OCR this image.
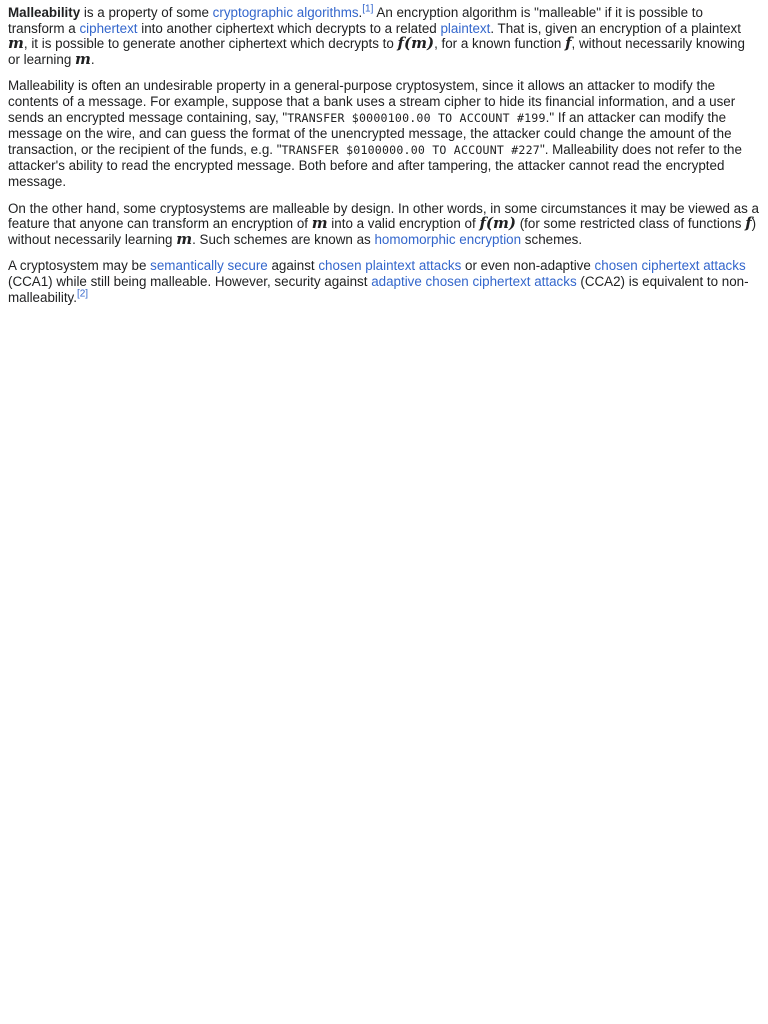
Malleability is a property of some cryptographic algorithms.[1] An encryption algorithm is "malleable" if it is possible to transform a ciphertext into another ciphertext which decrypts to a related plaintext. That is, given an encryption of a plaintext m, it is possible to generate another ciphertext which decrypts to f(m), for a known function f, without necessarily knowing or learning m.

Malleability is often an undesirable property in a general-purpose cryptosystem, since it allows an attacker to modify the contents of a message. For example, suppose that a bank uses a stream cipher to hide its financial information, and a user sends an encrypted message containing, say, "TRANSFER $0000100.00 TO ACCOUNT #199." If an attacker can modify the message on the wire, and can guess the format of the unencrypted message, the attacker could change the amount of the transaction, or the recipient of the funds, e.g. "TRANSFER $0100000.00 TO ACCOUNT #227". Malleability does not refer to the attacker's ability to read the encrypted message. Both before and after tampering, the attacker cannot read the encrypted message.

On the other hand, some cryptosystems are malleable by design. In other words, in some circumstances it may be viewed as a feature that anyone can transform an encryption of m into a valid encryption of f(m) (for some restricted class of functions f) without necessarily learning m. Such schemes are known as homomorphic encryption schemes.

A cryptosystem may be semantically secure against chosen plaintext attacks or even non-adaptive chosen ciphertext attacks (CCA1) while still being malleable. However, security against adaptive chosen ciphertext attacks (CCA2) is equivalent to non-malleability.[2]
